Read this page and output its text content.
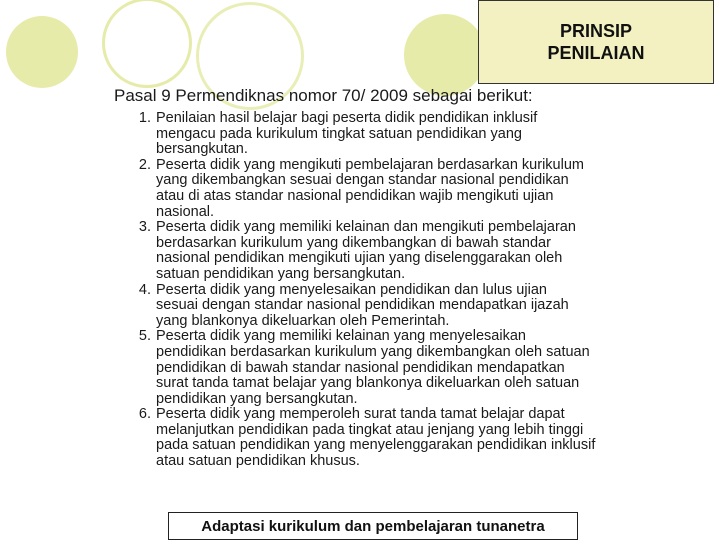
PRINSIP
PENILAIAN
Pasal 9 Permendiknas nomor 70/ 2009 sebagai berikut:
1. Penilaian hasil belajar bagi peserta didik pendidikan inklusif
mengacu pada kurikulum tingkat satuan pendidikan yang
bersangkutan.
2. Peserta didik yang mengikuti pembelajaran berdasarkan kurikulum
yang dikembangkan sesuai dengan standar nasional pendidikan
atau di atas standar nasional pendidikan wajib mengikuti ujian
nasional.
3. Peserta didik yang memiliki kelainan dan mengikuti pembelajaran
berdasarkan kurikulum yang dikembangkan di bawah standar
nasional pendidikan mengikuti ujian yang diselenggarakan oleh
satuan pendidikan yang bersangkutan.
4. Peserta didik yang menyelesaikan pendidikan dan lulus ujian
sesuai dengan standar nasional pendidikan mendapatkan ijazah
yang blankonya dikeluarkan oleh Pemerintah.
5. Peserta didik yang memiliki kelainan yang menyelesaikan
pendidikan berdasarkan kurikulum yang dikembangkan oleh satuan
pendidikan di bawah standar nasional pendidikan mendapatkan
surat tanda tamat belajar yang blankonya dikeluarkan oleh satuan
pendidikan yang bersangkutan.
6. Peserta didik yang memperoleh surat tanda tamat belajar dapat
melanjutkan pendidikan pada tingkat atau jenjang yang lebih tinggi
pada satuan pendidikan yang menyelenggarakan pendidikan inklusif
atau satuan pendidikan khusus.
Adaptasi kurikulum dan pembelajaran tunanetra
